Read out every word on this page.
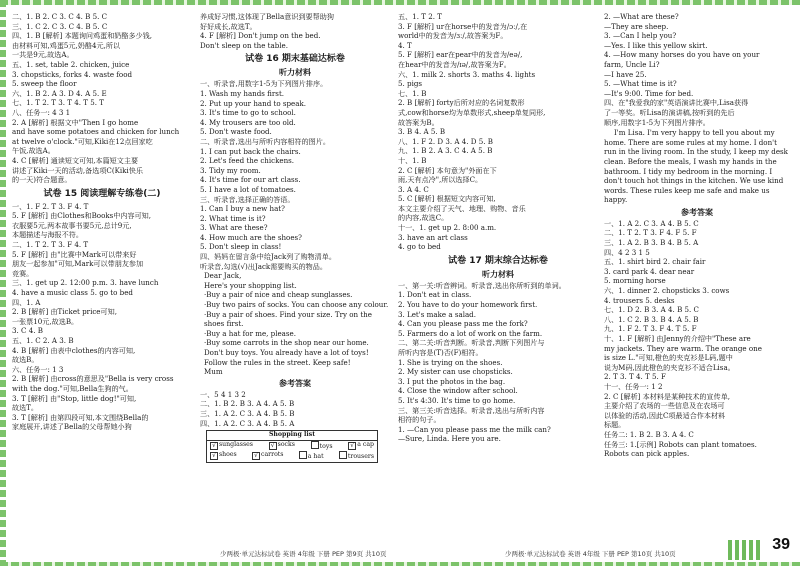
二、1. B 2. C 3. C 4. B 5. C
三、1. C 2. C 3. C 4. B 5. C
四、1. B [解析] 本题询问鸡蛋和奶酪多少钱,
由材料可知,鸡蛋5元,奶酪4元,所以
一共是9元,故选A。
五、1. set, table 2. chicken, juice
3. chopsticks, forks 4. waste food
5. sweep the floor
六、1. B 2. A 3. D 4. A 5. E
七、1. T 2. T 3. T 4. T 5. T
八、任务一: 4 3 1
2. A [解析] 根据文中"Then I go home
and have some potatoes and chicken for lunch
at twelve o'clock."可知,Kiki在12点回家吃
午饭,故选A。
4. C [解析] 通读短文可知,本篇短文主要
讲述了Kiki一天的活动,备选项C(Kiki快乐
的一天)符合题意。
试卷 15 阅读理解专练卷(二)
一、1. F 2. T 3. F 4. T
5. F [解析] 由Clothes和Books中内容可知,
衣服要5元,两本故事书要5元,总计9元,
本题描述与海报不符。
二、1. T 2. T 3. F 4. T
5. F [解析] 由"比赛中Mark可以带来好
朋友一起参加"可知,Mark可以带朋友参加
竞赛。
三、1. get up 2. 12:00 p.m. 3. have lunch
4. have a music class 5. go to bed
四、1. A
2. B [解析] 由Ticket price可知,
一张票10元,故选B。
3. C 4. B
五、1. C 2. A 3. B
4. B [解析] 由表中clothes的内容可知,
故选B。
六、任务一: 1 3
2. B [解析] 由cross的意思及"Bella is very cross
with the dog."可知,Bella生狗的气。
3. T [解析] 由"Stop, little dog!"可知,
故选T。
3. T [解析] 由第四段可知,本文围绕Bella的
家庭展开,讲述了Bella的父母帮她小狗
养成好习惯,这体现了Bella意识到要帮助狗
好好成长,故选T。
4. F [解析] Don't jump on the bed.
Don't sleep on the table.
试卷 16 期末基础达标卷
听力材料
一、听录音,用数字1-5为下列图片排序。
1. Wash my hands first.
2. Put up your hand to speak.
3. It's time to go to school.
4. My trousers are too old.
5. Don't waste food.
二、听录音,选出与所听内容相符的图片。
1. I can put back the chairs.
2. Let's feed the chickens.
3. Tidy my room.
4. It's time for our art class.
5. I have a lot of tomatoes.
三、听录音,选择正确的答语。
1. Can I buy a new hat?
2. What time is it?
3. What are these?
4. How much are the shoes?
5. Don't sleep in class!
四、妈妈在留言条中给Jack列了购物清单。
听录音,勾选(√)出Jack需要购买的物品。
Dear Jack,
Here's your shopping list.
·Buy a pair of nice and cheap sunglasses.
·Buy two pairs of socks. You can choose any colour.
·Buy a pair of shoes. Find your size. Try on the shoes first.
·Buy a hat for me, please.
·Buy some carrots in the shop near our home. Don't buy toys. You already have a lot of toys!
Follow the rules in the street. Keep safe!
Mum
参考答案
一、5 4 1 3 2
二、1. B 2. B 3. A 4. A 5. B
三、1. A 2. C 3. A 4. B 5. B
四、1. A 2. C 3. A 4. B 5. A
Shopping list
√ sunglasses	√ socks	toys	√ a cap
√ shoes	√ carrots	a hat	trousers
五、1. T 2. T
3. F [解析] ur在horse中的发音为/ɔː/,在
world中的发音为/ɜː/,故答案为F。
4. T
5. F [解析] ear在pear中的发音为/eə/,
在hear中的发音为/ɪə/,故答案为F。
六、1. milk 2. shorts 3. maths 4. lights
5. pigs
七、1. B
2. B [解析] forty后所对应的名词复数形
式,cow和horse均为单数形式,sheep单复同形,
故答案为B。
3. B 4. A 5. B
八、1. F 2. D 3. A 4. D 5. B
九、1. B 2. A 3. C 4. A 5. B
十、1. B
2. C [解析] 本句意为"外面在下
雨,天有点冷",所以选择C。
3. A 4. C
5. C [解析] 根据短文内容可知,
本文主要介绍了天气、地理、购物、音乐
的内容,故选C。
十一、1. get up 2. 8:00 a.m.
3. have an art class
4. go to bed
试卷 17 期末综合达标卷
听力材料
一、第一关:听音辨词。听录音,选出你所听到的单词。
1. Don't eat in class.
2. You have to do your homework first.
3. Let's make a salad.
4. Can you please pass me the fork?
5. Farmers do a lot of work on the farm.
二、第二关:听音判断。听录音,判断下列图片与
所听内容是(T)否(F)相符。
1. She is trying on the shoes.
2. My sister can use chopsticks.
3. I put the photos in the bag.
4. Close the window after school.
5. It's 4:30. It's time to go home.
三、第三关:听音选择。听录音,选出与所听内容
相符的句子。
1. —Can you please pass me the milk can?
—Sure, Linda. Here you are.
2. —What are these?
—They are sheep.
3. —Can I help you?
—Yes. I like this yellow skirt.
4. —How many horses do you have on your
farm, Uncle Li?
—I have 25.
5. —What time is it?
—It's 9:00. Time for bed.
四、在"我爱我的家"英语演讲比赛中,Lisa获得
了一等奖。听Lisa的演讲稿,按听到的先后
顺序,用数字1-5为下列图片排序。
I'm Lisa. I'm very happy to tell you about my home. There are some rules at my home. I don't run in the living room. In the study, I keep my desk clean. Before the meals, I wash my hands in the bathroom. I tidy my bedroom in the morning. I don't touch hot things in the kitchen. We use kind words. These rules keep me safe and make us happy.
参考答案
一、1. A 2. C 3. A 4. B 5. C
二、1. T 2. T 3. F 4. F 5. F
三、1. A 2. B 3. B 4. B 5. A
四、4 2 3 1 5
五、1. shirt bird 2. chair fair
3. card park 4. dear near
5. morning horse
六、1. dinner 2. chopsticks 3. cows
4. trousers 5. desks
七、1. D 2. B 3. A 4. B 5. C
八、1. C 2. B 3. B 4. A 5. B
九、1. F 2. T 3. F 4. T 5. F
十、1. F [解析] 由Jenny的介绍中"These are
my jackets. They are warm. The orange one
is size L."可知,橙色的夹克衫是L码,题中
说为M码,因此橙色的夹克衫不适合Lisa。
2. T 3. T 4. T 5. F
十一、任务一: 1 2
2. C [解析] 本材料是某种技术的宣传单,
主要介绍了农场的一些信息及在农场可
以体验的活动,因此C项最适合作本材料
标题。
任务二: 1. B 2. B 3. A 4. C
任务三: 1.[示例] Robots can plant tomatoes.
Robots can pick apples.
少两极·单元达标试卷 英语 4年级 下册 PEP 第9页 共10页	少两极·单元达标试卷 英语 4年级 下册 PEP 第10页 共10页
39
